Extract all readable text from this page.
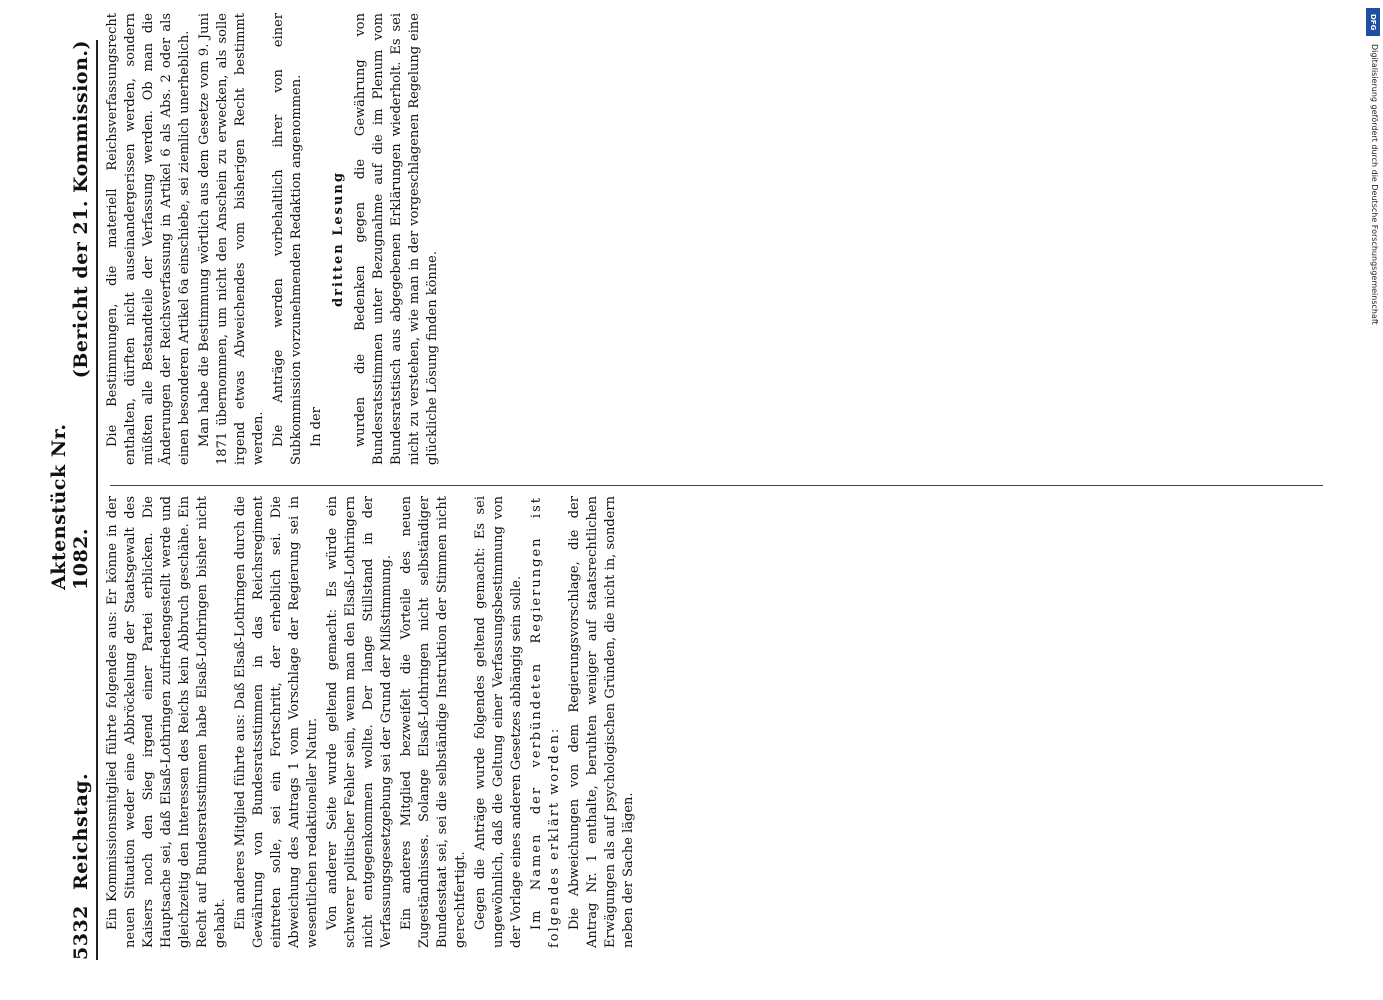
5332
Reichstag.
Aktenstück Nr. 1082.
(Bericht der 21. Kommission.)

Ein Kommissionsmitglied führte folgendes aus: Er könne in der neuen Situation weder eine Abbröckelung der Staatsgewalt des Kaisers noch den Sieg irgend einer Partei erblicken. Die Hauptsache sei, daß Elsaß-Lothringen zufriedengestellt werde und gleichzeitig den Interessen des Reichs kein Abbruch geschähe. Ein Recht auf Bundesratsstimmen habe Elsaß-Lothringen bisher nicht gehabt. Ein anderes Mitglied führte aus: Daß Elsaß-Lothringen durch die Gewährung von Bundesratsstimmen in das Reichsregiment eintreten solle, sei ein Fortschritt, der erheblich sei. Die Abweichung des Antrags 1 vom Vorschlage der Regierung sei in wesentlichen redaktioneller Natur. Von anderer Seite wurde geltend gemacht: Es würde ein schwerer politischer Fehler sein, wenn man den Elsaß-Lothringern nicht entgegenkommen wollte. Der lange Stillstand in der Verfassungsgesetzgebung sei der Grund der Mißstimmung. Ein anderes Mitglied bezweifelt die Vorteile des neuen Zugeständnisses. Solange Elsaß-Lothringen nicht selbständiger Bundesstaat sei, sei die selbständige Instruktion der Stimmen nicht gerechtfertigt. Gegen die Anträge wurde folgendes geltend gemacht: Es sei ungewöhnlich, daß die Geltung einer Verfassungsbestimmung von der Vorlage eines anderen Gesetzes abhängig sein solle. Im Namen der verbündeten Regierungen ist folgendes erklärt worden: Die Abweichungen von dem Regierungsvorschlage, die der Antrag Nr. 1 enthalte, beruhten weniger auf staatsrechtlichen Erwägungen als auf psychologischen Gründen, die nicht in, sondern neben der Sache lägen.

Die Bestimmungen, die materiell Reichsverfassungsrecht enthalten, dürften nicht auseinandergerissen werden, sondern müßten alle Bestandteile der Verfassung werden. Ob man die Änderungen der Reichsverfassung in Artikel 6 als Abs. 2 oder als einen besonderen Artikel 6a einschiebe, sei ziemlich unerheblich. Man habe die Bestimmung wörtlich aus dem Gesetze vom 9. Juni 1871 übernommen, um nicht den Anschein zu erwecken, als solle irgend etwas Abweichendes vom bisherigen Recht bestimmt werden. Die Anträge werden vorbehaltlich ihrer von einer Subkommission vorzunehmenden Redaktion angenommen. In der

dritten Lesung wurden die Bedenken gegen die Gewährung von Bundesratsstimmen unter Bezugnahme auf die im Plenum vom Bundesratstisch aus abgegebenen Erklärungen wiederholt. Es sei nicht zu verstehen, wie man in der vorgeschlagenen Regelung eine glückliche Lösung finden könne.

DFG
Digitalisierung gefördert durch die Deutsche Forschungsgemeinschaft
